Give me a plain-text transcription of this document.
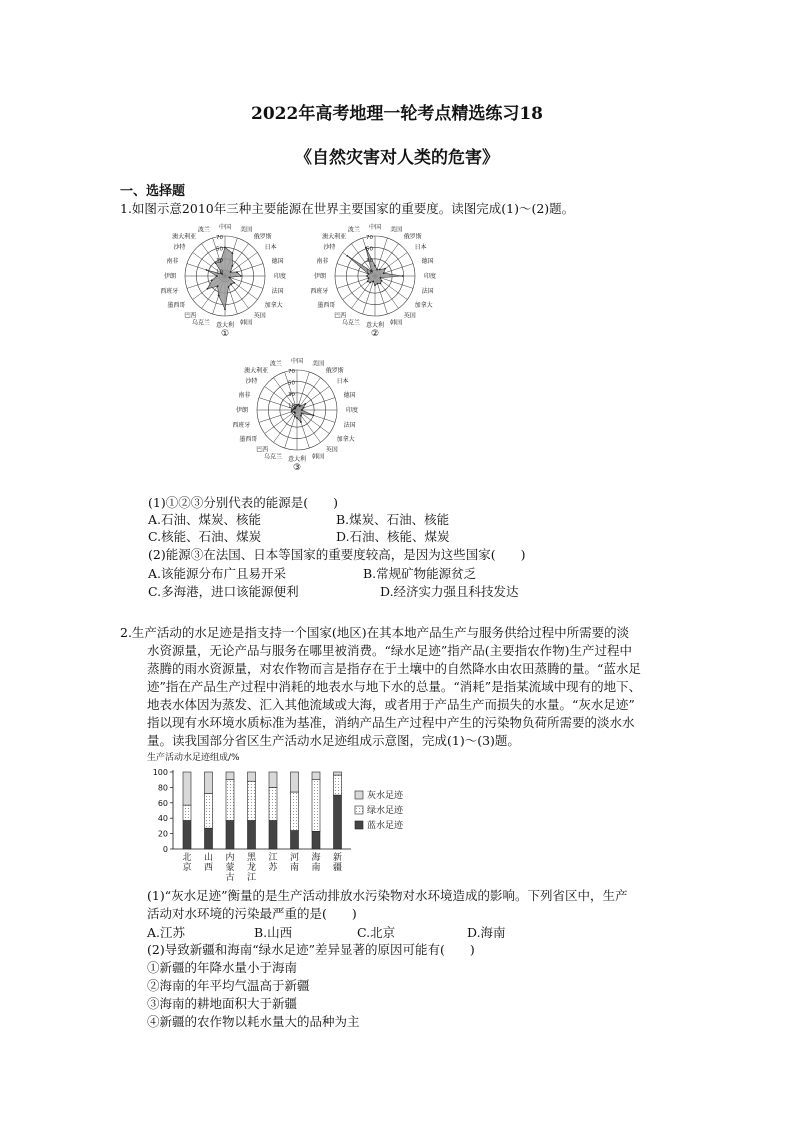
2022年高考地理一轮考点精选练习18
《自然灾害对人类的危害》
一、选择题
1.如图示意2010年三种主要能源在世界主要国家的重要度。读图完成(1)～(2)题。
70
50
30
10
中国 美国
俄罗斯
日本
德国
印度
法国
加拿大
英国
韩国
意大利
乌克兰
巴西
墨西哥
西班牙
伊朗
南非
沙特
澳大利亚
波兰
①
70
50
30
10
中国 美国
俄罗斯
日本
德国
印度
法国
加拿大
英国
韩国
意大利
乌克兰
巴西
墨西哥
西班牙
伊朗
南非
沙特
澳大利亚
波兰
②
70
50
30
10
中国 美国
俄罗斯
日本
德国
印度
法国
加拿大
英国
韩国
意大利
乌克兰
巴西
墨西哥
西班牙
伊朗
南非
沙特
澳大利亚
波兰
③
(1)①②③分别代表的能源是(　　)
A.石油、煤炭、核能	B.煤炭、石油、核能
C.核能、石油、煤炭	D.石油、核能、煤炭
(2)能源③在法国、日本等国家的重要度较高，是因为这些国家(　　)
A.该能源分布广且易开采	B.常规矿物能源贫乏
C.多海港，进口该能源便利	D.经济实力强且科技发达
2.生产活动的水足迹是指支持一个国家(地区)在其本地产品生产与服务供给过程中所需要的淡
水资源量，无论产品与服务在哪里被消费。“绿水足迹”指产品(主要指农作物)生产过程中
蒸腾的雨水资源量，对农作物而言是指存在于土壤中的自然降水由农田蒸腾的量。“蓝水足
迹”指在产品生产过程中消耗的地表水与地下水的总量。“消耗”是指某流域中现有的地下、
地表水体因为蒸发、汇入其他流域或大海，或者用于产品生产而损失的水量。“灰水足迹”
指以现有水环境水质标准为基准，消纳产品生产过程中产生的污染物负荷所需要的淡水水
量。读我国部分省区生产活动水足迹组成示意图，完成(1)～(3)题。
生产活动水足迹组成/%
0
20
40
60
80
100
北
京
山
西
内
蒙
古
黑
龙
江
江
苏
河
南
海
南
新
疆
灰水足迹
绿水足迹
蓝水足迹
(1)“灰水足迹”衡量的是生产活动排放水污染物对水环境造成的影响。下列省区中，生产
活动对水环境的污染最严重的是(　　)
A.江苏	B.山西	C.北京	D.海南
(2)导致新疆和海南“绿水足迹”差异显著的原因可能有(　　)
①新疆的年降水量小于海南
②海南的年平均气温高于新疆
③海南的耕地面积大于新疆
④新疆的农作物以耗水量大的品种为主
